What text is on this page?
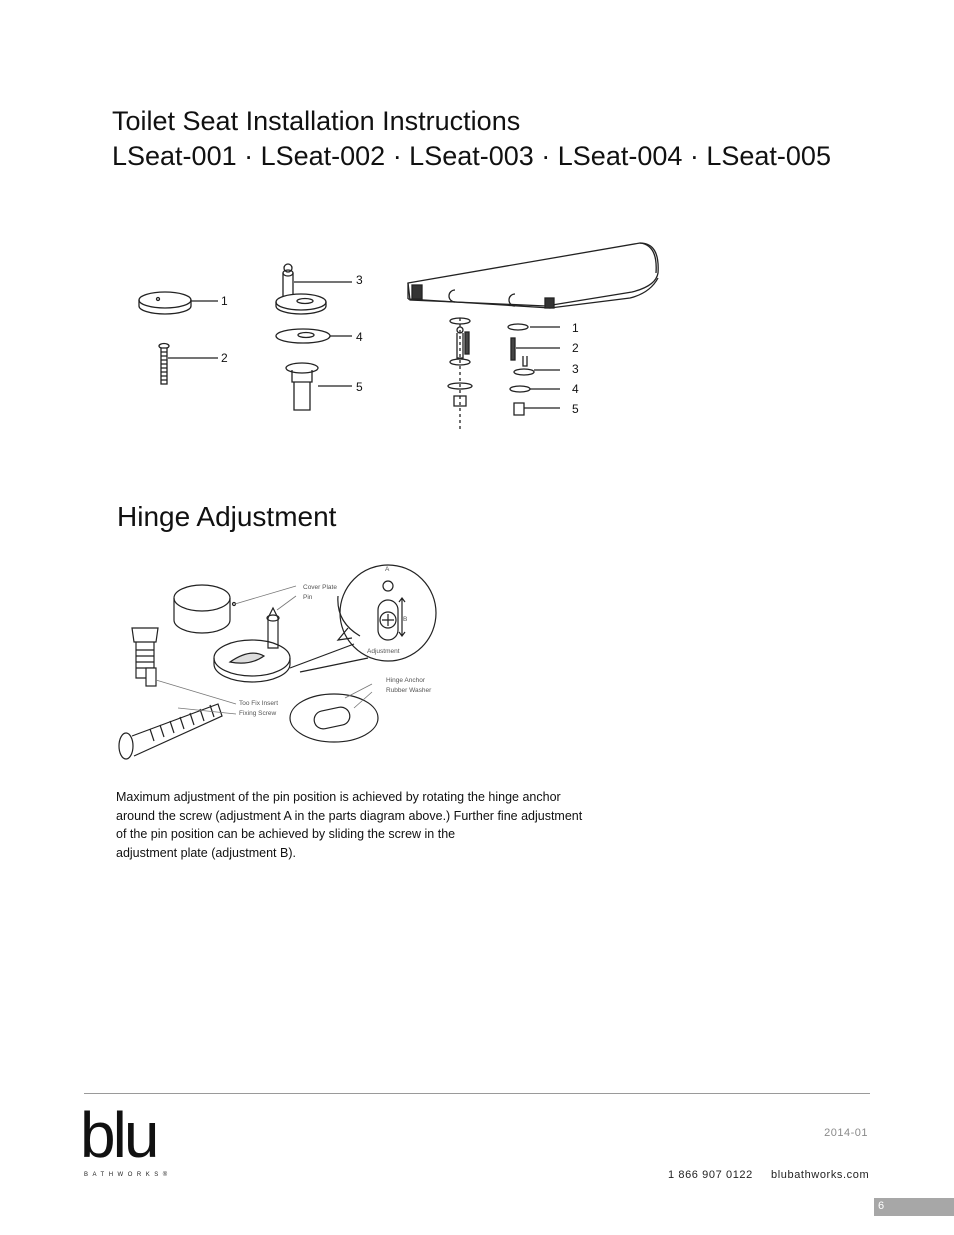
Toilet Seat Installation Instructions
LSeat-001 · LSeat-002 · LSeat-003 · LSeat-004 · LSeat-005
1
2
3
4
5
1
2
3
4
5
Hinge Adjustment
Cover Plate
Pin
Hinge Anchor
Rubber Washer
Too Fix Insert
Fixing Screw
A
B
Adjustment
Maximum adjustment of the pin position is achieved by rotating the hinge anchor
around the screw (adjustment A in the parts diagram above.) Further fine adjustment
of the pin position can be achieved by sliding the screw in the
adjustment plate (adjustment B).
blu
BATHWORKS®
2014-01
1 866 907 0122 blubathworks.com
6
